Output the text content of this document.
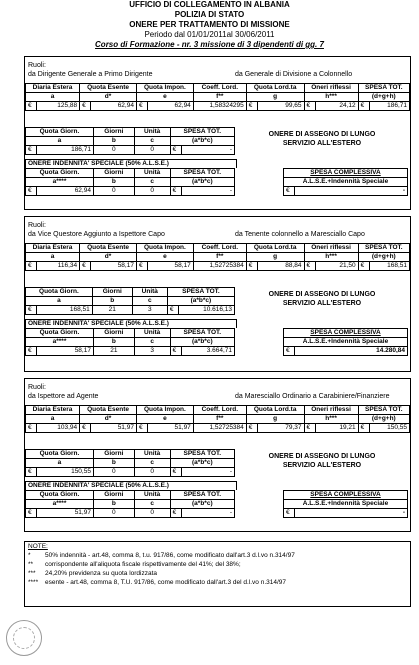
UFFICIO DI COLLEGAMENTO IN ALBANIA
POLIZIA DI STATO
ONERE PER TRATTAMENTO DI MISSIONE
Periodo dal 01/01/2011al 30/06/2011
Corso di Formazione - nr. 3 missione di 3 dipendenti di gg. 7
Ruoli:
da Dirigente Generale a Primo Dirigente	da Generale di Divisione a Colonnello
Diaria Estera		Quota Esente		Quota Impon.		Coeff. Lord.	Quota Lord.ta		Oneri riflessi		SPESA TOT.	
a		d*		e		f**	g		h***		(d+g+h)	
€	125,88	€	62,94	€	62,94	1,58324295	€	99,65	€	24,12	€	186,71
Quota Giorn.		Giorni	Unità	SPESA TOT.	
a		b	c	(a*b*c)	
€	186,71	0	0	€	-
ONERE DI ASSEGNO DI LUNGO
SERVIZIO ALL'ESTERO
ONERE INDENNITA' SPECIALE (50% A.L.S.E.)
Quota Giorn.		Giorni	Unità	SPESA TOT.	
a****		b	c	(a*b*c)	
€	62,94	0	0	€	-
SPESA COMPLESSIVA
A.L.S.E.+Indennità Speciale
€	-
Ruoli:
da Vice Questore Aggiunto a Ispettore Capo	da Tenente colonnello a Maresciallo Capo
Diaria Estera		Quota Esente		Quota Impon.		Coeff. Lord.	Quota Lord.ta		Oneri riflessi		SPESA TOT.	
a		d*		e		f**	g		h***		(d+g+h)	
€	116,34	€	58,17	€	58,17	1,52725384	€	88,84	€	21,50	€	168,51
Quota Giorn.		Giorni	Unità	SPESA TOT.	
a		b	c	(a*b*c)	
€	168,51	21	3	€	10.616,13
ONERE DI ASSEGNO DI LUNGO
SERVIZIO ALL'ESTERO
ONERE INDENNITA' SPECIALE (50% A.L.S.E.)
Quota Giorn.		Giorni	Unità	SPESA TOT.	
a****		b	c	(a*b*c)	
€	58,17	21	3	€	3.664,71
SPESA COMPLESSIVA
A.L.S.E.+Indennità Speciale
€	14.280,84
Ruoli:
da Ispettore ad Agente	da Maresciallo Ordinario a Carabiniere/Finanziere
Diaria Estera		Quota Esente		Quota Impon.		Coeff. Lord.	Quota Lord.ta		Oneri riflessi		SPESA TOT.	
a		d*		e		f**	g		h***		(d+g+h)	
€	103,94	€	51,97	€	51,97	1,52725384	€	79,37	€	19,21	€	150,55
Quota Giorn.		Giorni	Unità	SPESA TOT.	
a		b	c	(a*b*c)	
€	150,55	0	0	€	-
ONERE DI ASSEGNO DI LUNGO
SERVIZIO ALL'ESTERO
ONERE INDENNITA' SPECIALE (50% A.L.S.E.)
Quota Giorn.		Giorni	Unità	SPESA TOT.	
a****		b	c	(a*b*c)	
€	51,97	0	0	€	-
SPESA COMPLESSIVA
A.L.S.E.+Indennità Speciale
€	-
NOTE:
* 50% indennità - art.48, comma 8, t.u. 917/86, come modificato dall'art.3 d.l.vo n.314/97
** corrispondente all'aliquota fiscale rispettivamente del 41%; del 38%;
*** 24,20% previdenza su quota lordizzata
**** esente - art.48, comma 8, T.U. 917/86, come modificato dall'art.3 del d.l.vo n.314/97
